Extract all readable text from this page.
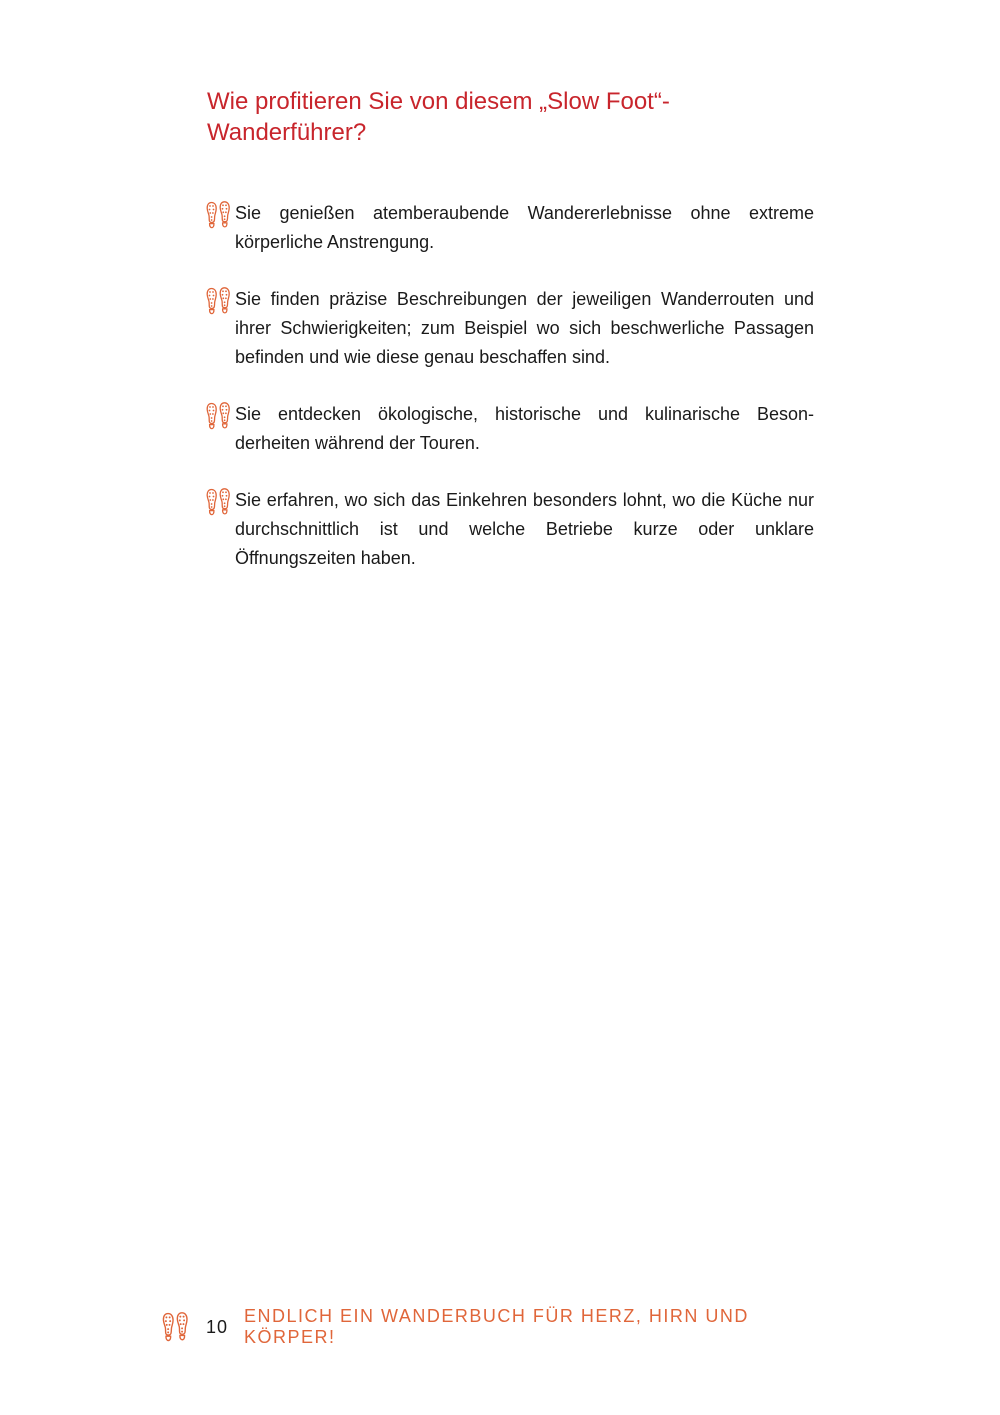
Wie profitieren Sie von diesem „Slow Foot“-Wanderführer?

Sie genießen atemberaubende Wandererlebnisse ohne extreme körperliche Anstrengung.

Sie finden präzise Beschreibungen der jeweiligen Wanderrouten und ihrer Schwierigkeiten; zum Beispiel wo sich beschwerliche Passagen befinden und wie diese genau beschaffen sind.

Sie entdecken ökologische, historische und kulinarische Beson-derheiten während der Touren.

Sie erfahren, wo sich das Einkehren besonders lohnt, wo die Küche nur durchschnittlich ist und welche Betriebe kurze oder unklare Öffnungszeiten haben.

10
ENDLICH EIN WANDERBUCH FÜR HERZ, HIRN UND KÖRPER!
